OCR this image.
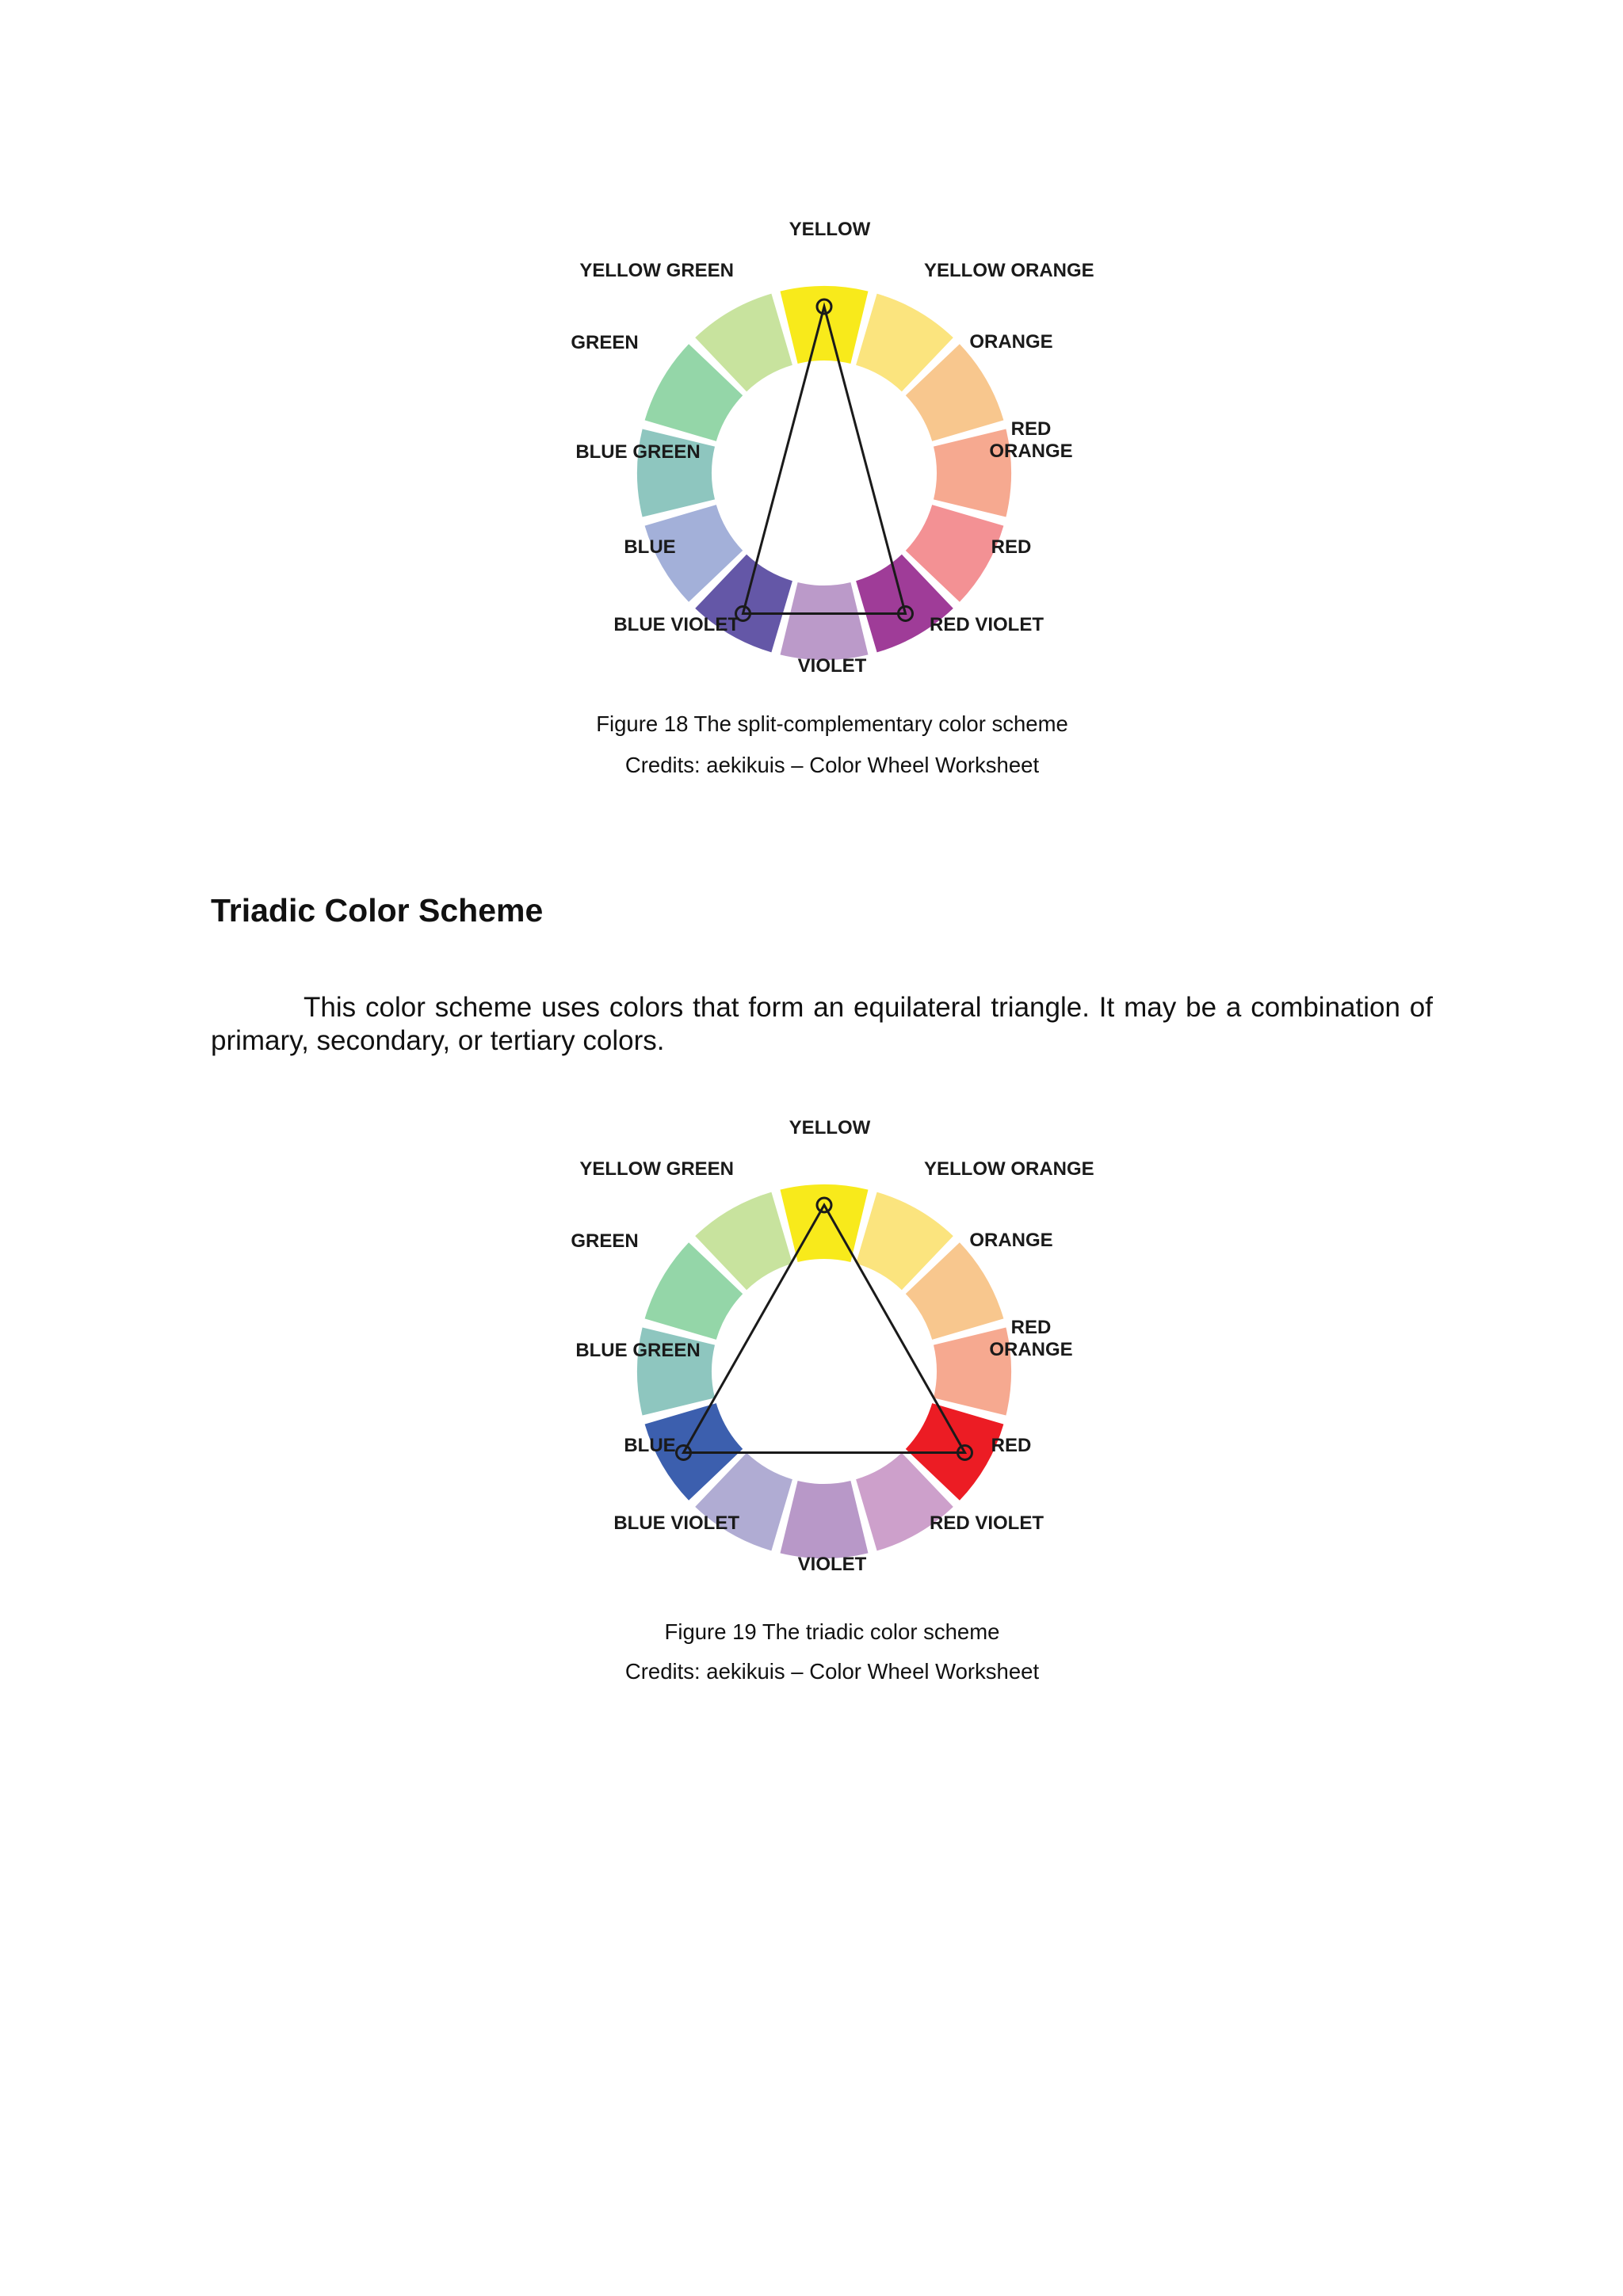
YELLOW
YELLOW ORANGE
ORANGE
RED
ORANGE
RED
RED VIOLET
VIOLET
BLUE VIOLET
BLUE
BLUE GREEN
GREEN
YELLOW GREEN

Figure 18 The split-complementary color scheme

Credits: aekikuis – Color Wheel Worksheet

Triadic Color Scheme

This color scheme uses colors that form an equilateral triangle. It may be a combination of primary, secondary, or tertiary colors.

YELLOW
YELLOW ORANGE
ORANGE
RED
ORANGE
RED
RED VIOLET
VIOLET
BLUE VIOLET
BLUE
BLUE GREEN
GREEN
YELLOW GREEN

Figure 19 The triadic color scheme

Credits: aekikuis – Color Wheel Worksheet
